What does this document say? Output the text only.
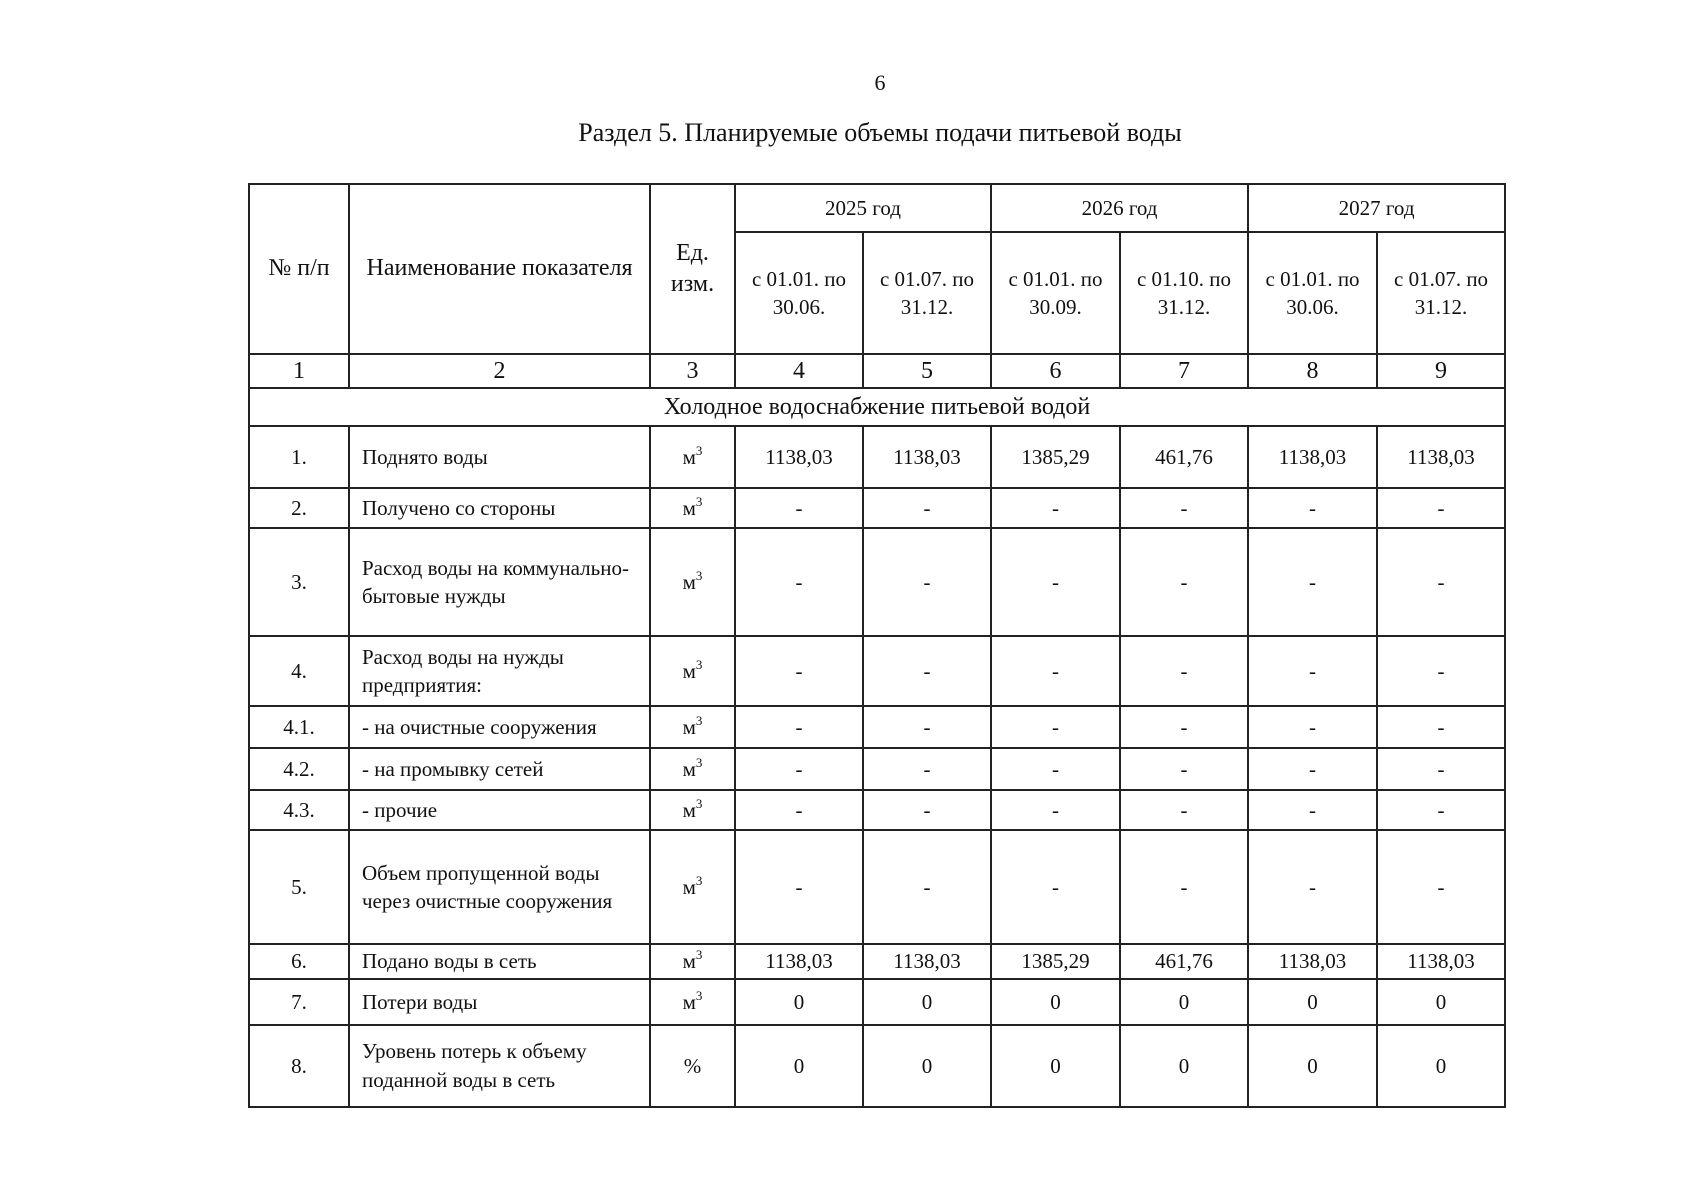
6
Раздел 5. Планируемые объемы подачи питьевой воды
№ п/п	Наименование показателя	Ед. изм.	2025 год		2026 год		2027 год	
			с 01.01. по 30.06.	с 01.07. по 31.12.	с 01.01. по 30.09.	с 01.10. по 31.12.	с 01.01. по 30.06.	с 01.07. по 31.12.
1	2	3	4	5	6	7	8	9
Холодное водоснабжение питьевой водой								
1.	Поднято воды	$м^3$	1138,03	1138,03	1385,29	461,76	1138,03	1138,03
2.	Получено со стороны	$м^3$	-	-	-	-	-	-
3.	Расход воды на коммунально-бытовые нужды	$м^3$	-	-	-	-	-	-
4.	Расход воды на нужды предприятия:	$м^3$	-	-	-	-	-	-
4.1.	- на очистные сооружения	$м^3$	-	-	-	-	-	-
4.2.	- на промывку сетей	$м^3$	-	-	-	-	-	-
4.3.	- прочие	$м^3$	-	-	-	-	-	-
5.	Объем пропущенной воды через очистные сооружения	$м^3$	-	-	-	-	-	-
6.	Подано воды в сеть	$м^3$	1138,03	1138,03	1385,29	461,76	1138,03	1138,03
7.	Потери воды	$м^3$	0	0	0	0	0	0
8.	Уровень потерь к объему поданной воды в сеть	%	0	0	0	0	0	0
